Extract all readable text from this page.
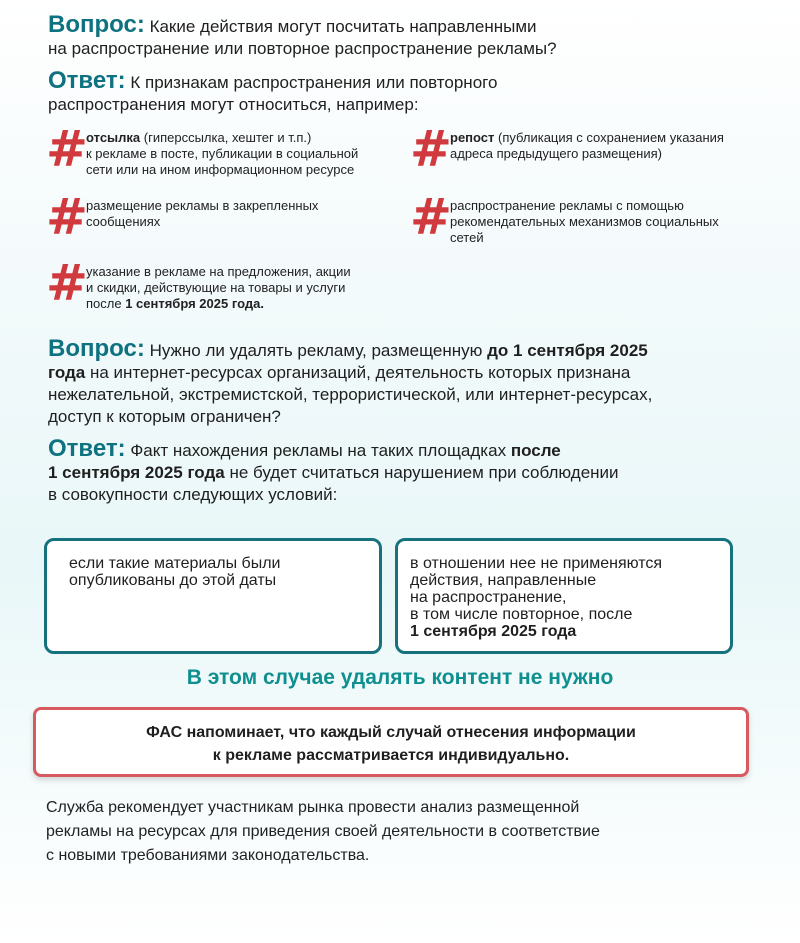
Вопрос: Какие действия могут посчитать направленными
на распространение или повторное распространение рекламы?
Ответ: К признакам распространения или повторного
распространения могут относиться, например:
#
отсылка (гиперссылка, хештег и т.п.)
к рекламе в посте, публикации в социальной
сети или на ином информационном ресурсе	#
репост (публикация с сохранением указания
адреса предыдущего размещения)
#
размещение рекламы в закрепленных
сообщениях	#
распространение рекламы с помощью
рекомендательных механизмов социальных
сетей
#
указание в рекламе на предложения, акции
и скидки, действующие на товары и услуги
после 1 сентября 2025 года.
Вопрос: Нужно ли удалять рекламу, размещенную до 1 сентября 2025
года на интернет-ресурсах организаций, деятельность которых признана
нежелательной, экстремистской, террористической, или интернет-ресурсах,
доступ к которым ограничен?
Ответ: Факт нахождения рекламы на таких площадках после
1 сентября 2025 года не будет считаться нарушением при соблюдении
в совокупности следующих условий:
если такие материалы были
опубликованы до этой даты
в отношении нее не применяются
действия, направленные
на распространение,
в том числе повторное, после
1 сентября 2025 года
В этом случае удалять контент не нужно
ФАС напоминает, что каждый случай отнесения информации
к рекламе рассматривается индивидуально.
Служба рекомендует участникам рынка провести анализ размещенной
рекламы на ресурсах для приведения своей деятельности в соответствие
с новыми требованиями законодательства.
